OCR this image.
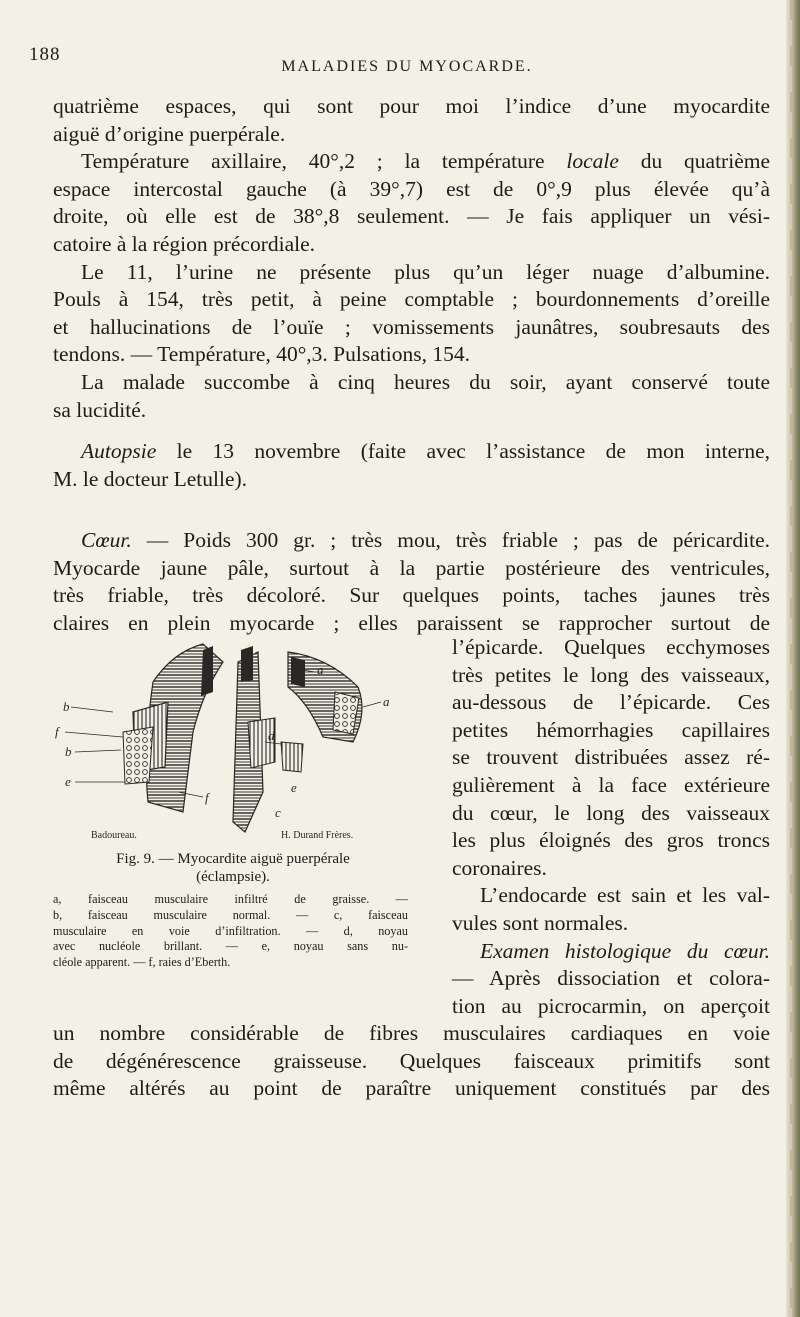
188
MALADIES DU MYOCARDE.
quatrième espaces, qui sont pour moi l’indice d’une myocardite
aiguë d’origine puerpérale.
Température axillaire, 40°,2 ; la température locale du quatrième
espace intercostal gauche (à 39°,7) est de 0°,9 plus élevée qu’à
droite, où elle est de 38°,8 seulement. — Je fais appliquer un vési-
catoire à la région précordiale.
Le 11, l’urine ne présente plus qu’un léger nuage d’albumine.
Pouls à 154, très petit, à peine comptable ; bourdonnements d’oreille
et hallucinations de l’ouïe ; vomissements jaunâtres, soubresauts des
tendons. — Température, 40°,3. Pulsations, 154.
La malade succombe à cinq heures du soir, ayant conservé toute
sa lucidité.
Autopsie le 13 novembre (faite avec l’assistance de mon interne,
M. le docteur Letulle).
Cœur. — Poids 300 gr. ; très mou, très friable ; pas de péricardite.
Myocarde jaune pâle, surtout à la partie postérieure des ventricules,
très friable, très décoloré. Sur quelques points, taches jaunes très
claires en plein myocarde ; elles paraissent se rapprocher surtout de
b
f
b
e
f
a
a
d
e
c
Badoureau.	H. Durand Frères.
Fig. 9. — Myocardite aiguë puerpérale
(éclampsie).
a, faisceau musculaire infiltré de graisse. —
b, faisceau musculaire normal. — c, faisceau
musculaire en voie d’infiltration. — d, noyau
avec nucléole brillant. — e, noyau sans nu-
cléole apparent. — f, raies d’Eberth.
l’épicarde. Quelques ecchymoses
très petites le long des vaisseaux,
au-dessous de l’épicarde. Ces
petites hémorrhagies capillaires
se trouvent distribuées assez ré-
gulièrement à la face extérieure
du cœur, le long des vaisseaux
les plus éloignés des gros troncs
coronaires.
L’endocarde est sain et les val-
vules sont normales.
Examen histologique du cœur.
— Après dissociation et colora-
tion au picrocarmin, on aperçoit
un nombre considérable de fibres musculaires cardiaques en voie
de dégénérescence graisseuse. Quelques faisceaux primitifs sont
même altérés au point de paraître uniquement constitués par des
